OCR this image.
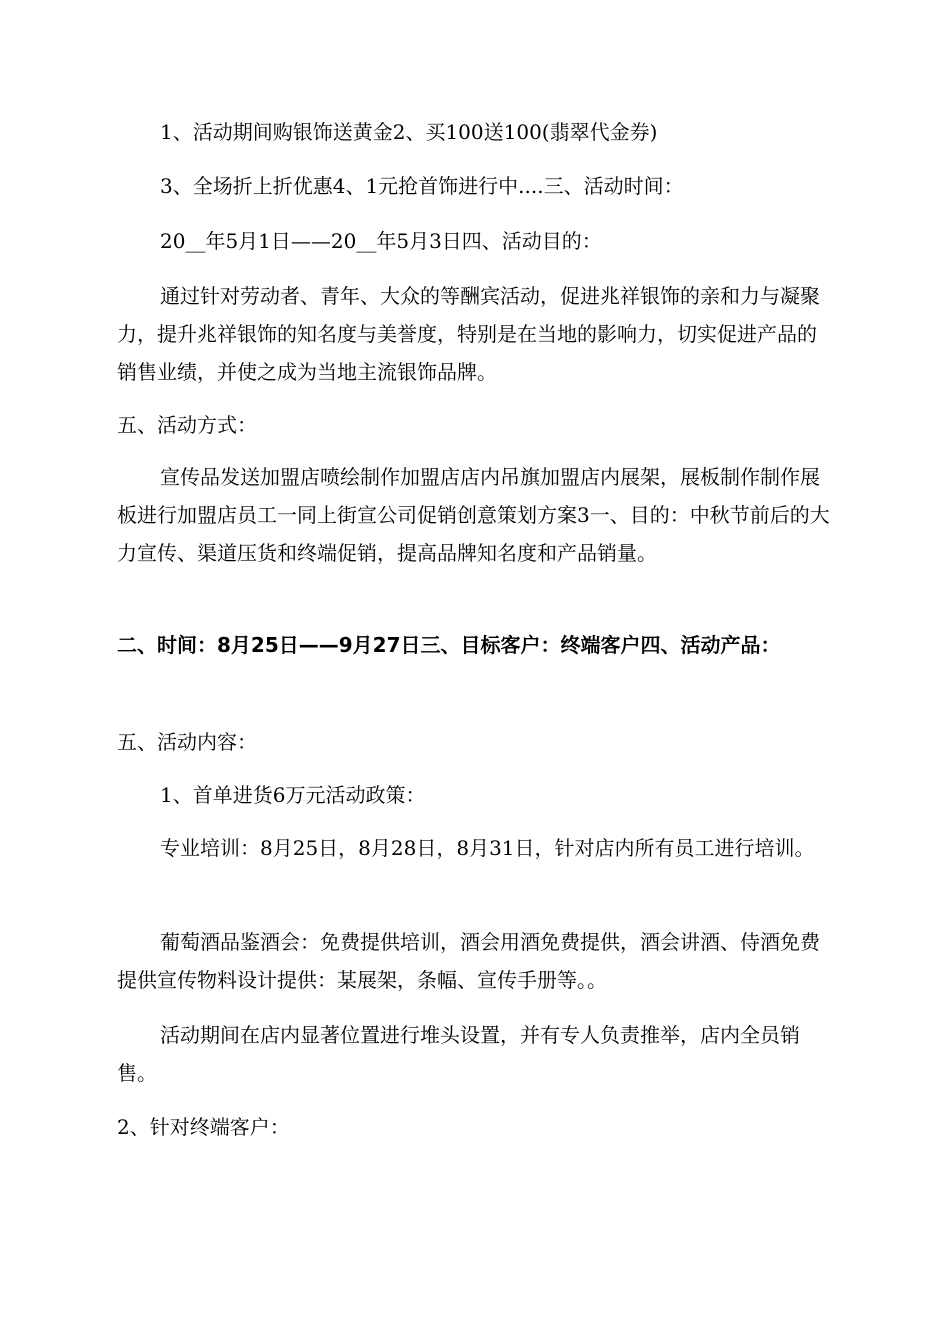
1、活动期间购银饰送黄金2、买100送100(翡翠代金券)

3、全场折上折优惠4、1元抢首饰进行中....三、活动时间：

20__年5月1日——20__年5月3日四、活动目的：

通过针对劳动者、青年、大众的等酬宾活动，促进兆祥银饰的亲和力与凝聚力，提升兆祥银饰的知名度与美誉度，特别是在当地的影响力，切实促进产品的销售业绩，并使之成为当地主流银饰品牌。

五、活动方式：

宣传品发送加盟店喷绘制作加盟店店内吊旗加盟店内展架，展板制作制作展板进行加盟店员工一同上街宣公司促销创意策划方案3一、目的：中秋节前后的大力宣传、渠道压货和终端促销，提高品牌知名度和产品销量。

二、时间：8月25日——9月27日三、目标客户：终端客户四、活动产品：

五、活动内容：

1、首单进货6万元活动政策：

专业培训：8月25日，8月28日，8月31日，针对店内所有员工进行培训。

葡萄酒品鉴酒会：免费提供培训，酒会用酒免费提供，酒会讲酒、侍酒免费提供宣传物料设计提供：某展架，条幅、宣传手册等。。

活动期间在店内显著位置进行堆头设置，并有专人负责推举，店内全员销售。

2、针对终端客户：
